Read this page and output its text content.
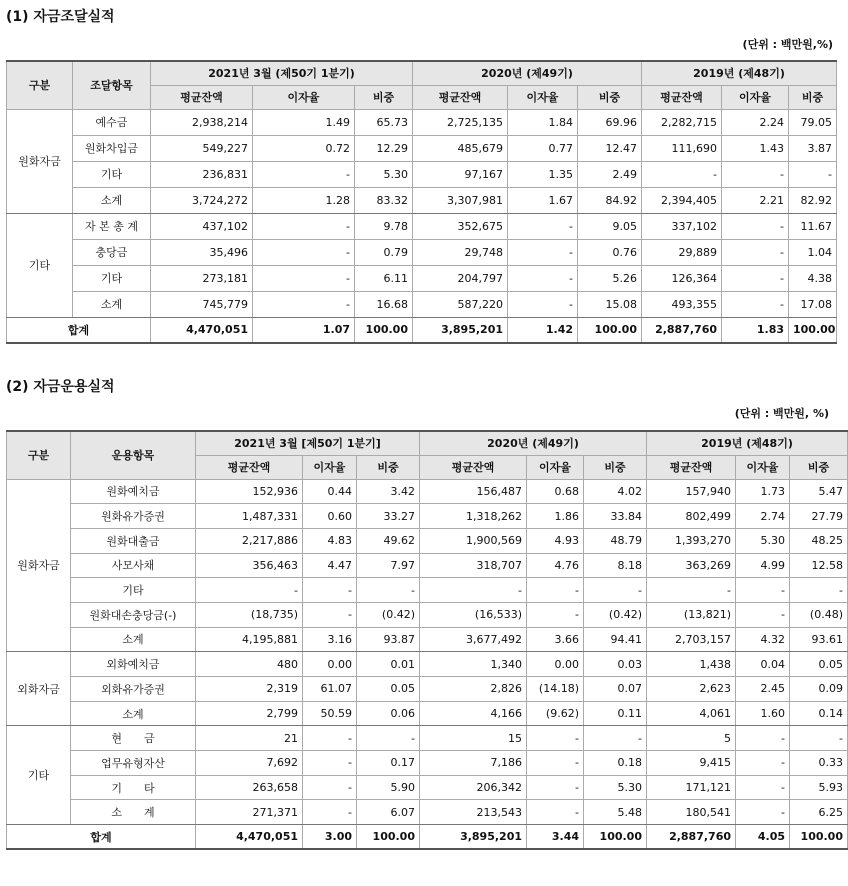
(1) 자금조달실적
(단위 : 백만원,%)
구분	조달항목	2021년 3월 (제50기 1분기)			2020년 (제49기)			2019년 (제48기)		
		평균잔액	이자율	비중	평균잔액	이자율	비중	평균잔액	이자율	비중
원화자금	예수금	2,938,214	1.49	65.73	2,725,135	1.84	69.96	2,282,715	2.24	79.05
	원화차입금	549,227	0.72	12.29	485,679	0.77	12.47	111,690	1.43	3.87
	기타	236,831	-	5.30	97,167	1.35	2.49	-	-	-
	소계	3,724,272	1.28	83.32	3,307,981	1.67	84.92	2,394,405	2.21	82.92
기타	자 본 총 계	437,102	-	9.78	352,675	-	9.05	337,102	-	11.67
	충당금	35,496	-	0.79	29,748	-	0.76	29,889	-	1.04
	기타	273,181	-	6.11	204,797	-	5.26	126,364	-	4.38
	소계	745,779	-	16.68	587,220	-	15.08	493,355	-	17.08
합계		4,470,051	1.07	100.00	3,895,201	1.42	100.00	2,887,760	1.83	100.00
(2) 자금운용실적
(단위 : 백만원, %)
구분	운용항목	2021년 3월 [제50기 1분기]			2020년 (제49기)			2019년 (제48기)		
		평균잔액	이자율	비중	평균잔액	이자율	비중	평균잔액	이자율	비중
원화자금	원화예치금	152,936	0.44	3.42	156,487	0.68	4.02	157,940	1.73	5.47
	원화유가증권	1,487,331	0.60	33.27	1,318,262	1.86	33.84	802,499	2.74	27.79
	원화대출금	2,217,886	4.83	49.62	1,900,569	4.93	48.79	1,393,270	5.30	48.25
	사모사채	356,463	4.47	7.97	318,707	4.76	8.18	363,269	4.99	12.58
	기타	-	-	-	-	-	-	-	-	-
	원화대손충당금(-)	(18,735)	-	(0.42)	(16,533)	-	(0.42)	(13,821)	-	(0.48)
	소계	4,195,881	3.16	93.87	3,677,492	3.66	94.41	2,703,157	4.32	93.61
외화자금	외화예치금	480	0.00	0.01	1,340	0.00	0.03	1,438	0.04	0.05
	외화유가증권	2,319	61.07	0.05	2,826	(14.18)	0.07	2,623	2.45	0.09
	소계	2,799	50.59	0.06	4,166	(9.62)	0.11	4,061	1.60	0.14
기타	현　　금	21	-	-	15	-	-	5	-	-
	업무유형자산	7,692	-	0.17	7,186	-	0.18	9,415	-	0.33
	기　　타	263,658	-	5.90	206,342	-	5.30	171,121	-	5.93
	소　　계	271,371	-	6.07	213,543	-	5.48	180,541	-	6.25
합계		4,470,051	3.00	100.00	3,895,201	3.44	100.00	2,887,760	4.05	100.00
